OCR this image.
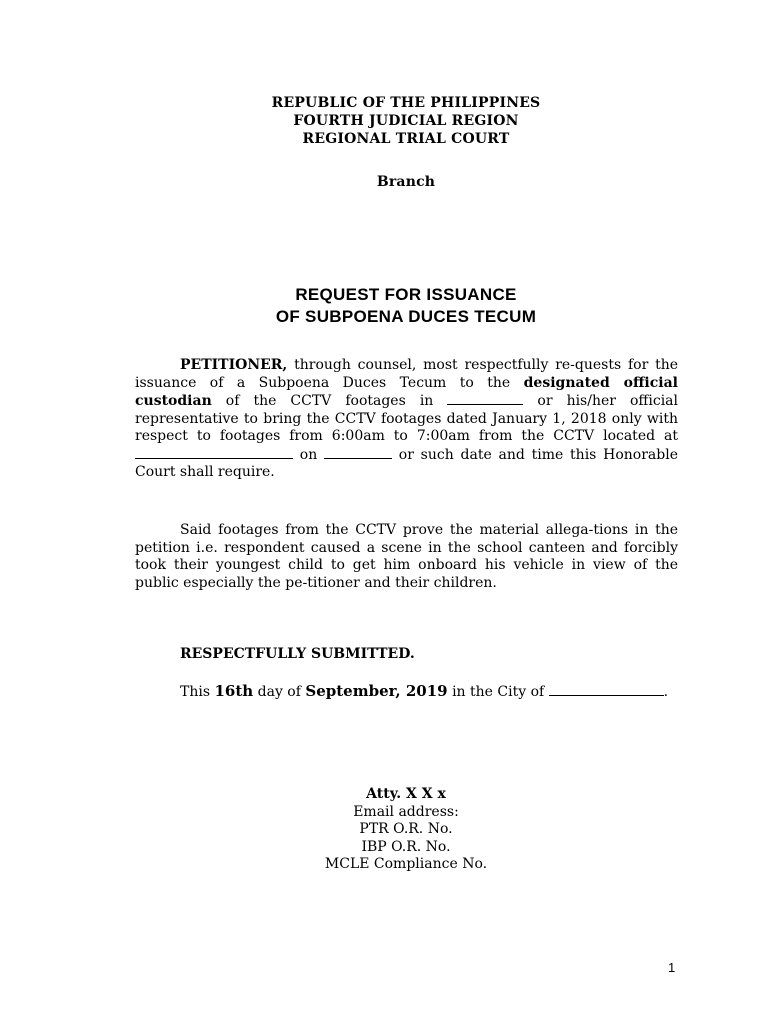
REPUBLIC OF THE PHILIPPINES
FOURTH JUDICIAL REGION
REGIONAL TRIAL COURT
Branch
REQUEST FOR ISSUANCE
OF SUBPOENA DUCES TECUM
PETITIONER, through counsel, most respectfully re-quests for the issuance of a Subpoena Duces Tecum to the designated official custodian of the CCTV footages in	or his/her official representative to bring the CCTV footages dated January 1, 2018 only with respect to footages from 6:00am to 7:00am from the CCTV located at  on	or such date and time this Honorable Court shall require.
Said footages from the CCTV prove the material allega-tions in the petition i.e. respondent caused a scene in the school canteen and forcibly took their youngest child to get him onboard his vehicle in view of the public especially the pe-titioner and their children.
RESPECTFULLY SUBMITTED.
This 16th day of September, 2019 in the City of	.
Atty. X X x
Email address:
PTR O.R. No.
IBP O.R. No.
MCLE Compliance No.
1
